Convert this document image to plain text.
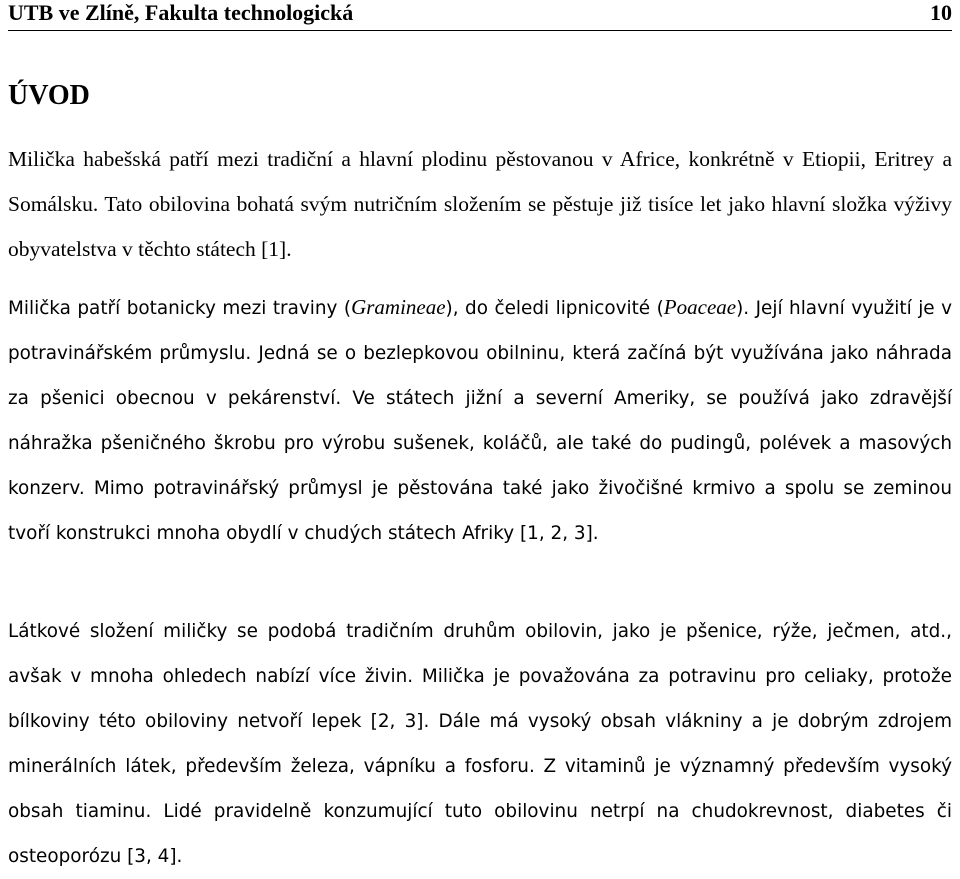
UTB ve Zlíně, Fakulta technologická	10
ÚVOD

Milička habešská patří mezi tradiční a hlavní plodinu pěstovanou v Africe, konkrétně v Etiopii, Eritrey a Somálsku. Tato obilovina bohatá svým nutričním složením se pěstuje již tisíce let jako hlavní složka výživy obyvatelstva v těchto státech [1].

Milička patří botanicky mezi traviny (Gramineae), do čeledi lipnicovité (Poaceae). Její hlavní využití je v potravinářském průmyslu. Jedná se o bezlepkovou obilninu, která začíná být využívána jako náhrada za pšenici obecnou v pekárenství. Ve státech jižní a severní Ameriky, se používá jako zdravější náhražka pšeničného škrobu pro výrobu sušenek, koláčů, ale také do pudingů, polévek a masových konzerv. Mimo potravinářský průmysl je pěstována také jako živočišné krmivo a spolu se zeminou tvoří konstrukci mnoha obydlí v chudých státech Afriky [1, 2, 3].

Látkové složení miličky se podobá tradičním druhům obilovin, jako je pšenice, rýže, ječmen, atd., avšak v mnoha ohledech nabízí více živin. Milička je považována za potravinu pro celiaky, protože bílkoviny této obiloviny netvoří lepek [2, 3]. Dále má vysoký obsah vlákniny a je dobrým zdrojem minerálních látek, především železa, vápníku a fosforu. Z vitaminů je významný především vysoký obsah tiaminu. Lidé pravidelně konzumující tuto obilovinu netrpí na chudokrevnost, diabetes či osteoporózu [3, 4].
